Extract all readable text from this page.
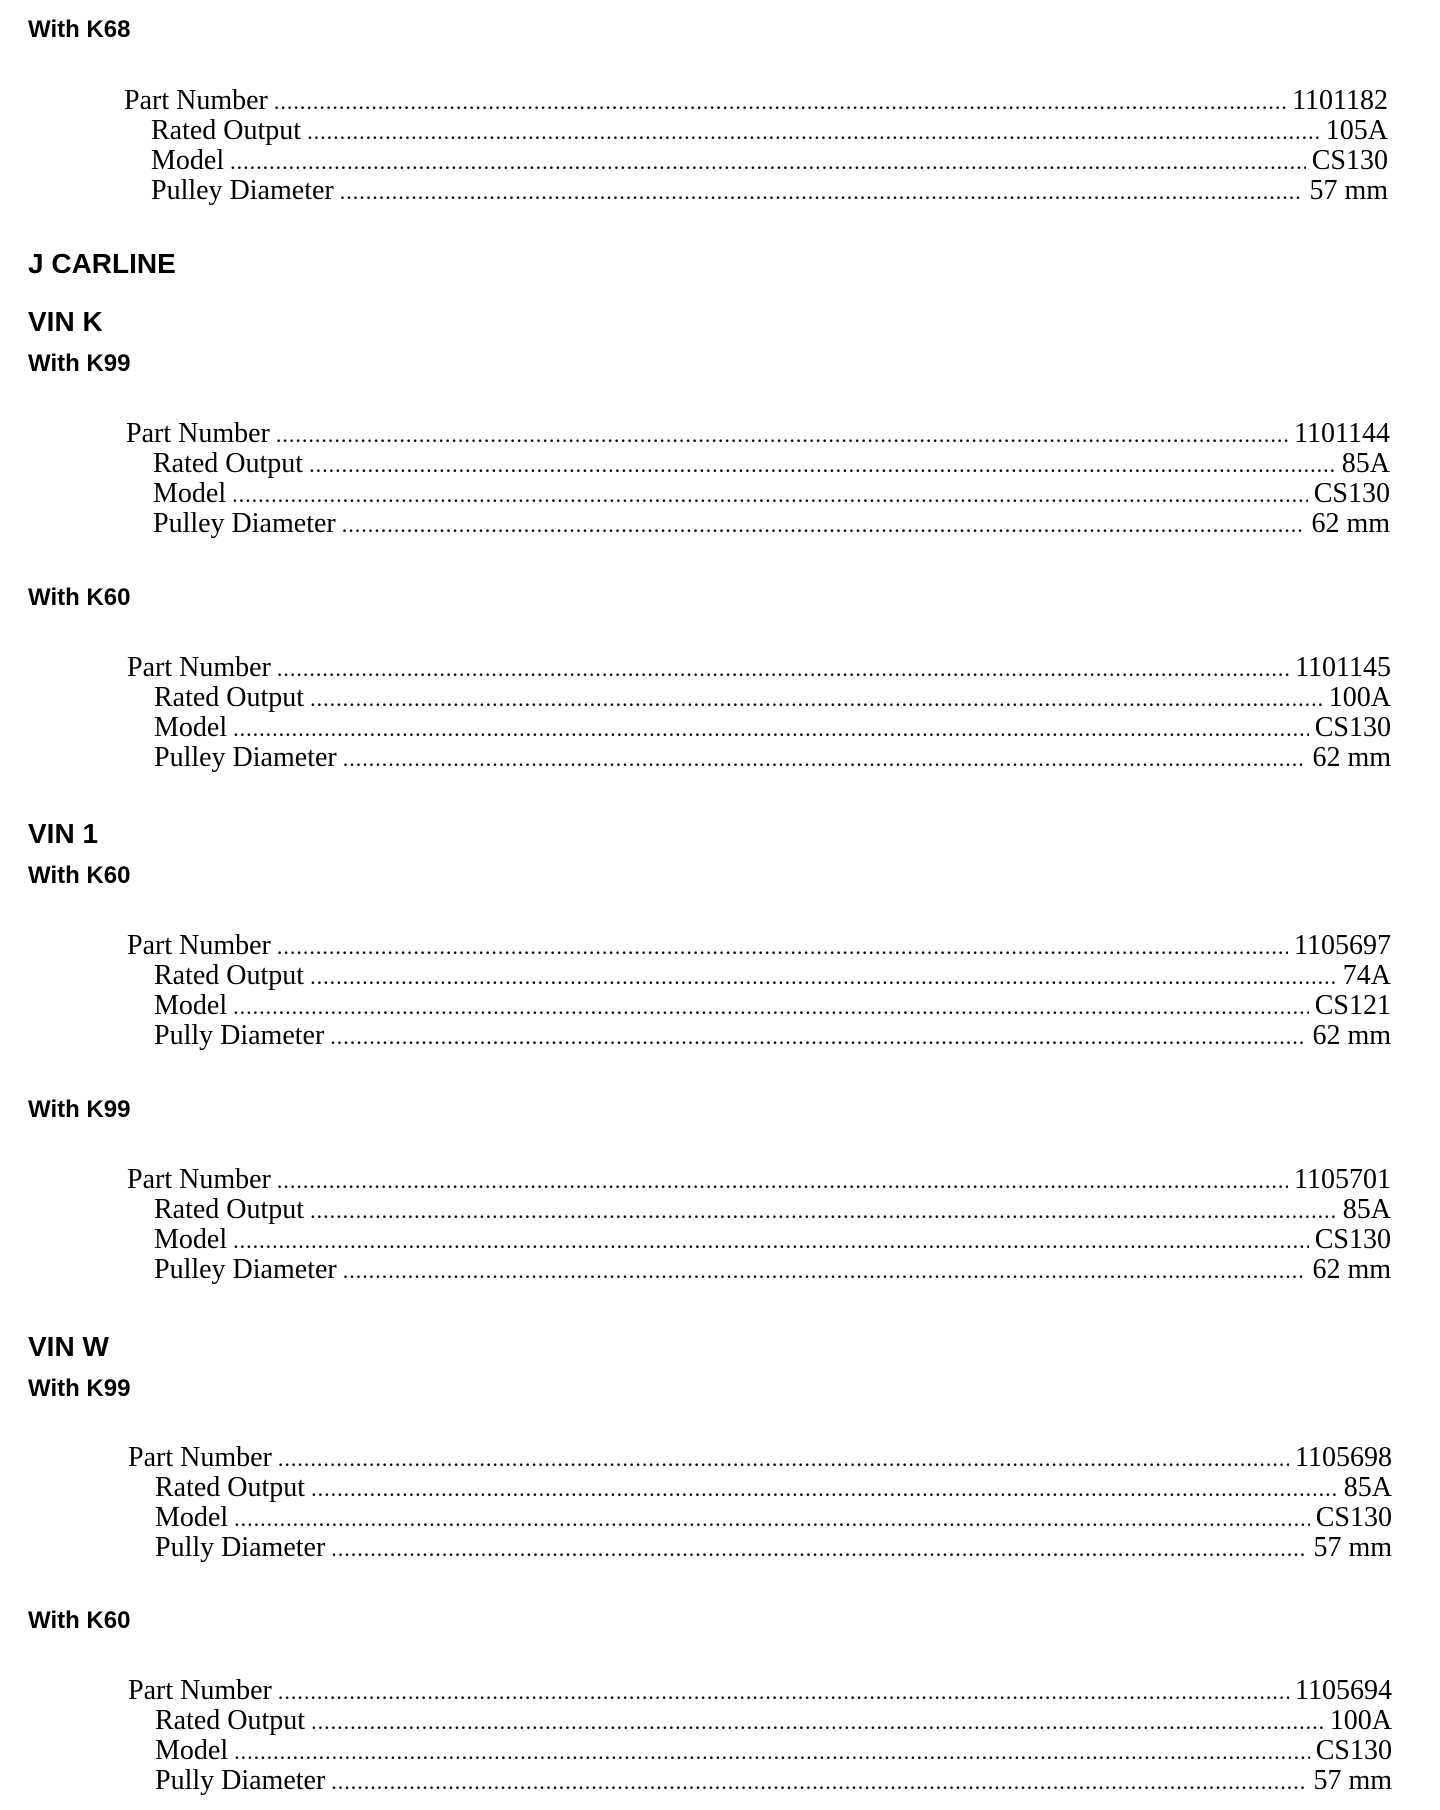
With K68
Part Number .....	1101182
Rated Output .....	105A
Model .....	CS130
Pulley Diameter .....	57 mm
J CARLINE
VIN K
With K99
Part Number .....	1101144
Rated Output .....	85A
Model .....	CS130
Pulley Diameter .....	62 mm
With K60
Part Number .....	1101145
Rated Output .....	100A
Model .....	CS130
Pulley Diameter .....	62 mm
VIN 1
With K60
Part Number .....	1105697
Rated Output .....	74A
Model .....	CS121
Pully Diameter .....	62 mm
With K99
Part Number .....	1105701
Rated Output .....	85A
Model .....	CS130
Pulley Diameter .....	62 mm
VIN W
With K99
Part Number .....	1105698
Rated Output .....	85A
Model .....	CS130
Pully Diameter .....	57 mm
With K60
Part Number .....	1105694
Rated Output .....	100A
Model .....	CS130
Pully Diameter .....	57 mm
